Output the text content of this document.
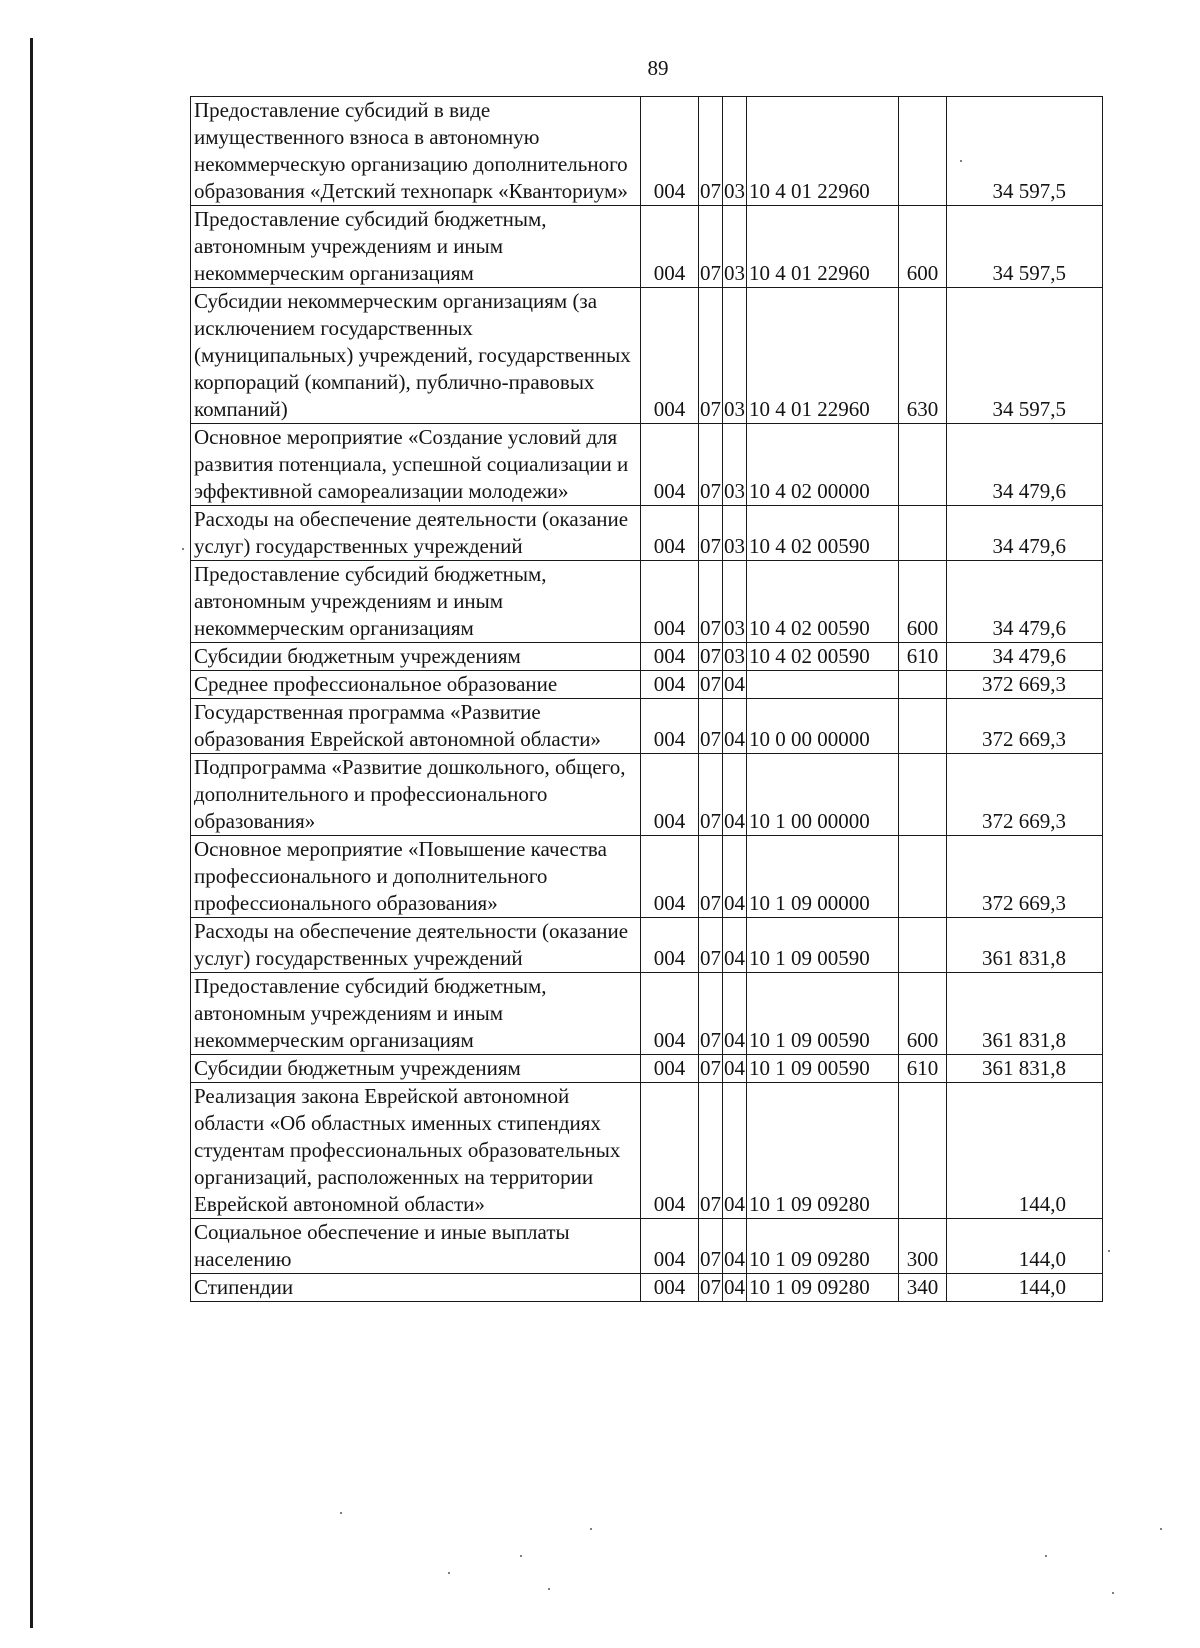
89
Предоставление субсидий в виде имущественного взноса в автономную некоммерческую организацию дополнительного образования «Детский технопарк «Кванториум»	004	07	03	10 4 01 22960		34 597,5
Предоставление субсидий бюджетным, автономным учреждениям и иным некоммерческим организациям	004	07	03	10 4 01 22960	600	34 597,5
Субсидии некоммерческим организациям (за исключением государственных (муниципальных) учреждений, государственных корпораций (компаний), публично-правовых компаний)	004	07	03	10 4 01 22960	630	34 597,5
Основное мероприятие «Создание условий для развития потенциала, успешной социализации и эффективной самореализации молодежи»	004	07	03	10 4 02 00000		34 479,6
Расходы на обеспечение деятельности (оказание услуг) государственных учреждений	004	07	03	10 4 02 00590		34 479,6
Предоставление субсидий бюджетным, автономным учреждениям и иным некоммерческим организациям	004	07	03	10 4 02 00590	600	34 479,6
Субсидии бюджетным учреждениям	004	07	03	10 4 02 00590	610	34 479,6
Среднее профессиональное образование	004	07	04			372 669,3
Государственная программа «Развитие образования Еврейской автономной области»	004	07	04	10 0 00 00000		372 669,3
Подпрограмма «Развитие дошкольного, общего, дополнительного и профессионального образования»	004	07	04	10 1 00 00000		372 669,3
Основное мероприятие «Повышение качества профессионального и дополнительного профессионального образования»	004	07	04	10 1 09 00000		372 669,3
Расходы на обеспечение деятельности (оказание услуг) государственных учреждений	004	07	04	10 1 09 00590		361 831,8
Предоставление субсидий бюджетным, автономным учреждениям и иным некоммерческим организациям	004	07	04	10 1 09 00590	600	361 831,8
Субсидии бюджетным учреждениям	004	07	04	10 1 09 00590	610	361 831,8
Реализация закона Еврейской автономной области «Об областных именных стипендиях студентам профессиональных образовательных организаций, расположенных на территории Еврейской автономной области»	004	07	04	10 1 09 09280		144,0
Социальное обеспечение и иные выплаты населению	004	07	04	10 1 09 09280	300	144,0
Стипендии	004	07	04	10 1 09 09280	340	144,0
